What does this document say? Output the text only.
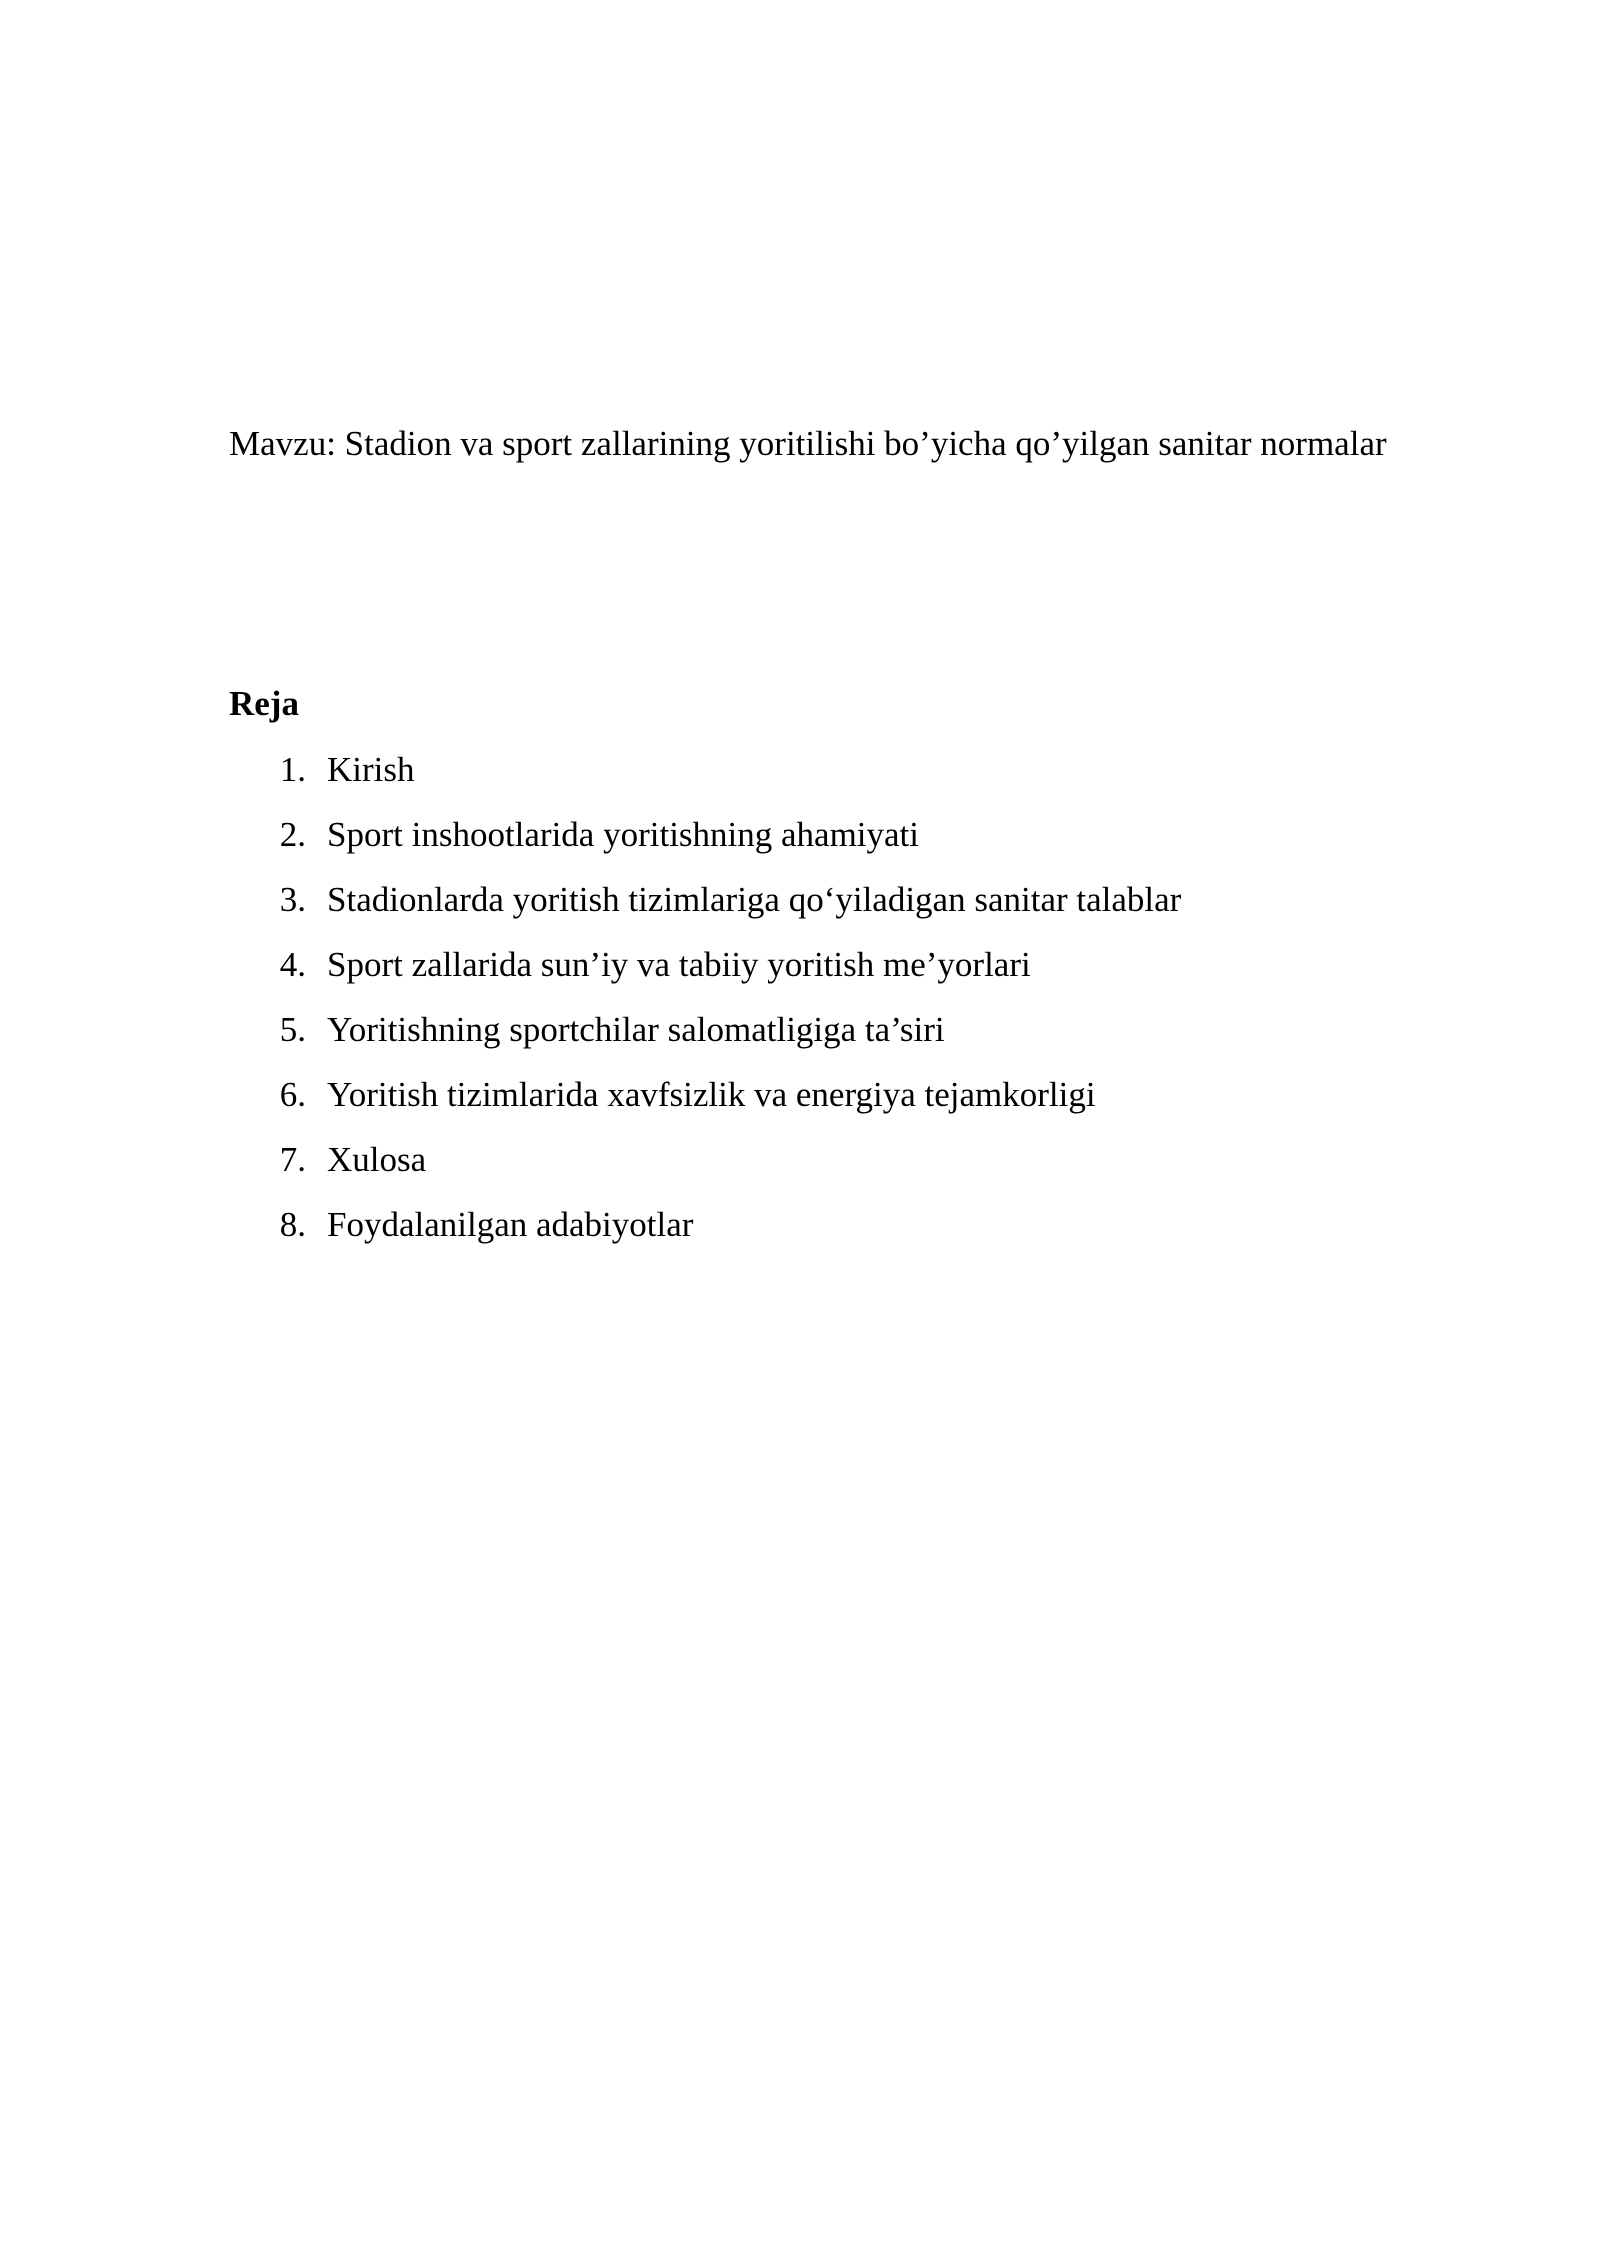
Mavzu: Stadion va sport zallarining yoritilishi bo’yicha qo’yilgan sanitar normalar
Reja
1. Kirish
2. Sport inshootlarida yoritishning ahamiyati
3. Stadionlarda yoritish tizimlariga qo‘yiladigan sanitar talablar
4. Sport zallarida sun’iy va tabiiy yoritish me’yorlari
5. Yoritishning sportchilar salomatligiga ta’siri
6. Yoritish tizimlarida xavfsizlik va energiya tejamkorligi
7. Xulosa
8. Foydalanilgan adabiyotlar
